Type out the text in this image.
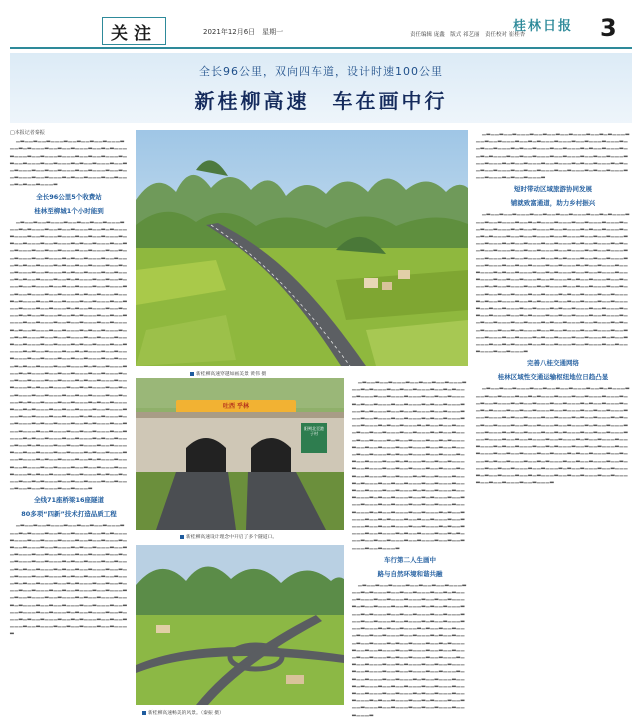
关注	2021年12月6日　星期一	责任编辑 庞鑫　版式 祁艺丽　责任校对 崔桂杏
桂林日报 3
全长96公里，双向四车道，设计时速100公里
新桂柳高速　车在画中行

□本报记者秦振

▁▂▁▁▂▁▁▂▁▁▁▂▁▁▂▁▁▂▁▁▂▁▁▁▂▁▁▂▁▂▁▁▁▂▁▁▂▁▁▂▁▁▁▂▁▁▂▁▂▁▁▁▂▁▁▁▂▁▁▂▁▁▁▂▁▁▁▂▁▁▂▁▁▂▁▁▁▂▁▂▁▁▂▁▁▁▂▁▁▂▁▁▁▂▁▂▁▁▂▁▁▁▂▁▁▂▁▂▁▁▁▂▁▁▂▁▁▂▁▁▁▂▁▁▂▁▁▁▂▁▁▂▁▁▂▁▁▁▂▁▁▂▁▁▁▂▁▂▁▁▂▁▁▁▂▁▁▂▁▁▁▂▁▂▁▁▂▁▁▁▂

全长96公里5个收费站
桂林至柳城1个小时能到

▁▂▁▁▂▁▁▂▁▁▁▂▁▁▂▁▁▂▁▁▂▁▁▁▂▁▁▂▁▂▁▁▁▂▁▁▂▁▁▂▁▁▁▂▁▁▂▁▂▁▁▁▂▁▁▁▂▁▁▂▁▁▁▂▁▁▁▂▁▁▂▁▁▂▁▁▁▂▁▂▁▁▂▁▁▁▂▁▁▂▁▁▁▂▁▂▁▁▂▁▁▁▂▁▁▂▁▂▁▁▁▂▁▁▂▁▁▂▁▁▁▂▁▁▂▁▁▁▂▁▁▂▁▁▂▁▁▁▂▁▁▂▁▁▁▂▁▂▁▁▂▁▁▁▂▁▁▂▁▁▁▂▁▂▁▁▂▁▁▁▂▁▂▁▁▂▁▁▂▁▁▁▂▁▁▂▁▁▂▁▁▁▂▁▁▂▁▁▁▂▁▂▁▁▂▁▁▁▂▁▁▂▁▁▁▂▁▂▁▁▂▁▁▁▂▁▁▂▁▂▁▁▁▂▁▁▂▁▁▂▁▁▁▂▁▁▂▁▁▁▂▁▁▂▁▁▂▁▁▁▂▁▁▂▁▁▁▂▁▂▁▁▂▁▁▁▂▁▁▂▁▁▁▂▁▂▁▁▂▁▁▁▂▁▁▂▁▂▁▁▁▂▁▁▂▁▁▂▁▁▁▂▁▁▂▁▁▁▂▁▁▂▁▁▂▁▁▁▂▁▁▂▁▁▁▂▁▂▁▁▂▁▁▁▂▁▁▂▁▁▁▂▁▂▁▁▂▁▁▁▂▁▁▂▁▂▁▁▁▂▁▁▂▁▁▂▁▁▁▂▁▁▂▁▁▁▂▁▁▂▁▁▂▁▁▁▂▁▁▂▁▁▁▂▁▂▁▁▂▁▁▁▂▁▁▂▁▁▁▂▁▂▁▁▂▁▁▁▂▁▁▂▁▂▁▁▁▂▁▁▂▁▁▂▁▁▁▂▁▁▂▁▁▁▂▁▁▂▁▁▂▁▁▁▂▁▁▂▁▁▁▂▁▂▁▁▂▁▁▁▂▁▁▂▁▁▁▂▁▂▁▁▂▁▁▁▂▁▁▂▁▂▁▁▁▂▁▁▂▁▁▂▁▁▁▂▁▁▂▁▁▁▂▁▁▂▁▁▂▁▁▁▂▁▁▂▁▁▁▂▁▂▁▁▂▁▁▁▂▁▁▂▁▁▁▂▁▂▁▁▂▁▁▁▂▁▁▂▁▂▁▁▁▂▁▁▂▁▁▂▁▁▁▂▁▁▂▁▁▁▂▁▁▂▁▁▂▁▁▁▂▁▁▂▁▁▁▂▁▂▁▁▂▁▁▁▂▁▁▂▁▁▁▂▁▂▁▁▂▁▁▁▂▁▁▂▁▂▁▁▁▂▁▁▂▁▁▂▁▁▁▂▁▁▂▁▁▁▂▁▁▂▁▁▂▁▁▁▂▁▁▂▁▁▁▂▁▂▁▁▂▁▁▁▂▁▁▂▁▁▁▂▁▂▁▁▂▁▁▁▂▁▁▂▁▂▁▁▁▂▁▁▂▁▁▂▁▁▁▂▁▁▂▁▁▁▂▁▁▂▁▁▂▁▁▁▂▁▁▂▁▁▁▂▁▂▁▁▂▁▁▁▂▁▁▂▁▁▁▂▁▂▁▁▂▁▁▁▂▁▁▂▁▂▁▁▁▂▁▁▂▁▁▂▁▁▁▂▁▁▂▁▁▁▂▁▁▂▁▁▂▁▁▁▂▁▁▂▁▁▁▂▁▂▁▁▂▁▁▁▂▁▁▂▁▁▁▂▁▂▁▁▂▁▁▁▂▁▁▂▁▂▁▁▁▂▁▁▂▁▁▂▁▁▁▂▁▁▂▁▁▁▂▁▁▂▁▁▂▁▁▁▂▁▁▂▁▁▁▂▁▂▁▁▂▁▁▁▂▁▁▂▁▁▁▂▁▂▁▁▂▁▁▁▂▁▁▂▁▂▁▁▁▂▁▁▂▁▁▂▁▁▁▂▁▁▂▁▁▁▂▁▁▂▁▁▂▁▁▁▂▁▁▂▁▁▁▂▁▂▁▁▂▁▁▁▂▁▁▂▁▁▁▂▁▂▁▁▂▁▁▁▂▁▁▂▁▂▁▁▁▂▁▁▂▁▁▂▁▁▁▂▁▁▂▁▁▁▂▁▁▂▁▁▂▁▁▁▂▁▁▂▁▁▁▂

全线71座桥梁16座隧道
80多项“四新”技术打造品质工程

▁▂▁▁▂▁▁▂▁▁▁▂▁▁▂▁▁▂▁▁▂▁▁▁▂▁▁▂▁▂▁▁▁▂▁▁▂▁▁▂▁▁▁▂▁▁▂▁▂▁▁▁▂▁▁▁▂▁▁▂▁▁▁▂▁▁▁▂▁▁▂▁▁▂▁▁▁▂▁▂▁▁▂▁▁▁▂▁▁▂▁▁▁▂▁▂▁▁▂▁▁▁▂▁▁▂▁▂▁▁▁▂▁▁▂▁▁▂▁▁▁▂▁▁▂▁▁▁▂▁▁▂▁▁▂▁▁▁▂▁▁▂▁▁▁▂▁▂▁▁▂▁▁▁▂▁▁▂▁▁▁▂▁▂▁▁▂▁▁▁▂▁▂▁▁▂▁▁▂▁▁▁▂▁▁▂▁▁▂▁▁▁▂▁▁▂▁▁▁▂▁▂▁▁▂▁▁▁▂▁▁▂▁▁▁▂▁▂▁▁▂▁▁▁▂▁▁▂▁▂▁▁▁▂▁▁▂▁▁▂▁▁▁▂▁▁▂▁▁▁▂▁▁▂▁▁▂▁▁▁▂▁▁▂▁▁▁▂▁▂▁▁▂▁▁▁▂▁▁▂▁▁▁▂▁▂▁▁▂▁▁▁▂▁▁▂▁▂▁▁▁▂▁▁▂▁▁▂▁▁▁▂▁▁▂▁▁▁▂▁▁▂▁▁▂▁▁▁▂▁▁▂▁▁▁▂▁▂▁▁▂▁▁▁▂▁▁▂▁▁▁▂▁▂▁▁▂▁▁▁▂▁▁▂▁▂▁▁▁▂▁▁▂▁▁▂▁▁▁▂▁▁▂▁▁▁▂▁▁▂▁▁▂▁▁▁▂▁▁▂▁▁▁▂

新桂柳高速穿越如画美景 黄伟 摄
吐西 乎林
阳朔北至港子村
新桂柳高速设计理念中开启了多个隧道口。
新桂柳高速畅美的风景。（秦振 摄）

▁▂▁▁▂▁▁▂▁▁▁▂▁▁▂▁▁▂▁▁▂▁▁▁▂▁▁▂▁▂▁▁▁▂▁▁▂▁▁▂▁▁▁▂▁▁▂▁▂▁▁▁▂▁▁▁▂▁▁▂▁▁▁▂▁▁▁▂▁▁▂▁▁▂▁▁▁▂▁▂▁▁▂▁▁▁▂▁▁▂▁▁▁▂▁▂▁▁▂▁▁▁▂▁▁▂▁▂▁▁▁▂▁▁▂▁▁▂▁▁▁▂▁▁▂▁▁▁▂▁▁▂▁▁▂▁▁▁▂▁▁▂▁▁▁▂▁▂▁▁▂▁▁▁▂▁▁▂▁▁▁▂▁▂▁▁▂▁▁▁▂▁▂▁▁▂▁▁▂▁▁▁▂▁▁▂▁▁▂▁▁▁▂▁▁▂▁▁▁▂▁▂▁▁▂▁▁▁▂▁▁▂▁▁▁▂▁▂▁▁▂▁▁▁▂▁▁▂▁▂▁▁▁▂▁▁▂▁▁▂▁▁▁▂▁▁▂▁▁▁▂▁▁▂▁▁▂▁▁▁▂▁▁▂▁▁▁▂▁▂▁▁▂▁▁▁▂▁▁▂▁▁▁▂▁▂▁▁▂▁▁▁▂▁▁▂▁▂▁▁▁▂▁▁▂▁▁▂▁▁▁▂▁▁▂▁▁▁▂▁▁▂▁▁▂▁▁▁▂▁▁▂▁▁▁▂▁▂▁▁▂▁▁▁▂▁▁▂▁▁▁▂▁▂▁▁▂▁▁▁▂▁▁▂▁▂▁▁▁▂▁▁▂▁▁▂▁▁▁▂▁▁▂▁▁▁▂▁▁▂▁▁▂▁▁▁▂▁▁▂▁▁▁▂▁▂▁▁▂▁▁▁▂▁▁▂▁▁▁▂▁▂▁▁▂▁▁▁▂▁▁▂▁▂▁▁▁▂▁▁▂▁▁▂▁▁▁▂▁▁▂▁▁▁▂▁▁▂▁▁▂▁▁▁▂▁▁▂▁▁▁▂▁▂▁▁▂▁▁▁▂▁▁▂▁▁▁▂▁▂▁▁▂▁▁▁▂▁▁▂▁▂▁▁▁▂▁▁▂▁▁▂▁▁▁▂▁▁▂▁▁▁▂▁▁▂▁▁▂▁▁▁▂▁▁▂▁▁▁▂▁▂▁▁▂▁▁▁▂▁▁▂▁▁▁▂▁▂▁▁▂▁▁▁▂▁▁▂▁▂▁▁▁▂▁▁▂▁▁▂▁▁▁▂▁▁▂▁▁▁▂▁▁▂▁▁▂▁▁▁▂▁▁▂▁▁▁▂

车行第二人生画中
路与自然环境和谐共融

▁▂▁▁▂▁▁▂▁▁▁▂▁▁▂▁▁▂▁▁▂▁▁▁▂▁▁▂▁▂▁▁▁▂▁▁▂▁▁▂▁▁▁▂▁▁▂▁▂▁▁▁▂▁▁▁▂▁▁▂▁▁▁▂▁▁▁▂▁▁▂▁▁▂▁▁▁▂▁▂▁▁▂▁▁▁▂▁▁▂▁▁▁▂▁▂▁▁▂▁▁▁▂▁▁▂▁▂▁▁▁▂▁▁▂▁▁▂▁▁▁▂▁▁▂▁▁▁▂▁▁▂▁▁▂▁▁▁▂▁▁▂▁▁▁▂▁▂▁▁▂▁▁▁▂▁▁▂▁▁▁▂▁▂▁▁▂▁▁▁▂▁▂▁▁▂▁▁▂▁▁▁▂▁▁▂▁▁▂▁▁▁▂▁▁▂▁▁▁▂▁▂▁▁▂▁▁▁▂▁▁▂▁▁▁▂▁▂▁▁▂▁▁▁▂▁▁▂▁▂▁▁▁▂▁▁▂▁▁▂▁▁▁▂▁▁▂▁▁▁▂▁▁▂▁▁▂▁▁▁▂▁▁▂▁▁▁▂▁▂▁▁▂▁▁▁▂▁▁▂▁▁▁▂▁▂▁▁▂▁▁▁▂▁▁▂▁▂▁▁▁▂▁▁▂▁▁▂▁▁▁▂▁▁▂▁▁▁▂▁▁▂▁▁▂▁▁▁▂▁▁▂▁▁▁▂▁▂▁▁▂▁▁▁▂▁▁▂▁▁▁▂▁▂▁▁▂▁▁▁▂▁▁▂▁▂▁▁▁▂▁▁▂▁▁▂▁▁▁▂▁▁▂▁▁▁▂▁▁▂▁▁▂▁▁▁▂▁▁▂▁▁▁▂▁▂▁▁▂▁▁▁▂▁▁▂▁▁▁▂▁▂▁▁▂▁▁▁▂▁▁▂▁▂▁▁▁▂▁▁▂▁▁▂▁▁▁▂▁▁▂▁▁▁▂▁▁▂▁▁▂▁▁▁▂▁▁▂▁▁▁▂

▁▂▁▁▂▁▁▂▁▁▁▂▁▁▂▁▁▂▁▁▂▁▁▁▂▁▁▂▁▂▁▁▁▂▁▁▂▁▁▂▁▁▁▂▁▁▂▁▂▁▁▁▂▁▁▁▂▁▁▂▁▁▁▂▁▁▁▂▁▁▂▁▁▂▁▁▁▂▁▂▁▁▂▁▁▁▂▁▁▂▁▁▁▂▁▂▁▁▂▁▁▁▂▁▁▂▁▂▁▁▁▂▁▁▂▁▁▂▁▁▁▂▁▁▂▁▁▁▂▁▁▂▁▁▂▁▁▁▂▁▁▂▁▁▁▂▁▂▁▁▂▁▁▁▂▁▁▂▁▁▁▂▁▂▁▁▂▁▁▁▂▁▂▁▁▂▁▁▂▁▁▁▂▁▁▂▁▁▂▁▁▁▂▁▁▂▁▁▁▂▁▂▁▁▂▁▁▁▂▁▁▂▁▁▁▂▁▂▁▁▂▁▁▁▂

短时带动区域旅游协同发展
铺就致富通道，助力乡村振兴

▁▂▁▁▂▁▁▂▁▁▁▂▁▁▂▁▁▂▁▁▂▁▁▁▂▁▁▂▁▂▁▁▁▂▁▁▂▁▁▂▁▁▁▂▁▁▂▁▂▁▁▁▂▁▁▁▂▁▁▂▁▁▁▂▁▁▁▂▁▁▂▁▁▂▁▁▁▂▁▂▁▁▂▁▁▁▂▁▁▂▁▁▁▂▁▂▁▁▂▁▁▁▂▁▁▂▁▂▁▁▁▂▁▁▂▁▁▂▁▁▁▂▁▁▂▁▁▁▂▁▁▂▁▁▂▁▁▁▂▁▁▂▁▁▁▂▁▂▁▁▂▁▁▁▂▁▁▂▁▁▁▂▁▂▁▁▂▁▁▁▂▁▂▁▁▂▁▁▂▁▁▁▂▁▁▂▁▁▂▁▁▁▂▁▁▂▁▁▁▂▁▂▁▁▂▁▁▁▂▁▁▂▁▁▁▂▁▂▁▁▂▁▁▁▂▁▁▂▁▂▁▁▁▂▁▁▂▁▁▂▁▁▁▂▁▁▂▁▁▁▂▁▁▂▁▁▂▁▁▁▂▁▁▂▁▁▁▂▁▂▁▁▂▁▁▁▂▁▁▂▁▁▁▂▁▂▁▁▂▁▁▁▂▁▁▂▁▂▁▁▁▂▁▁▂▁▁▂▁▁▁▂▁▁▂▁▁▁▂▁▁▂▁▁▂▁▁▁▂▁▁▂▁▁▁▂▁▂▁▁▂▁▁▁▂▁▁▂▁▁▁▂▁▂▁▁▂▁▁▁▂▁▁▂▁▂▁▁▁▂▁▁▂▁▁▂▁▁▁▂▁▁▂▁▁▁▂▁▁▂▁▁▂▁▁▁▂▁▁▂▁▁▁▂▁▂▁▁▂▁▁▁▂▁▁▂▁▁▁▂▁▂▁▁▂▁▁▁▂▁▁▂▁▂▁▁▁▂▁▁▂▁▁▂▁▁▁▂▁▁▂▁▁▁▂▁▁▂▁▁▂▁▁▁▂▁▁▂▁▁▁▂▁▂▁▁▂▁▁▁▂▁▁▂▁▁▁▂▁▂▁▁▂▁▁▁▂▁▁▂▁▂▁▁▁▂▁▁▂▁▁▂▁▁▁▂▁▁▂▁▁▁▂▁▁▂▁▁▂▁▁▁▂▁▁▂▁▁▁▂▁▂▁▁▂▁▁▁▂▁▁▂▁▁▁▂▁▂▁▁▂▁▁▁▂▁▁▂▁▂▁▁▁▂▁▁▂▁▁▂▁▁▁▂▁▁▂▁▁▁▂▁▁▂▁▁▂▁▁▁▂▁▁▂▁▁▁▂▁▂▁▁▂▁▁▁▂▁▁▂▁▁▁▂▁▂▁▁▂▁▁▁▂▁▁▂▁▂▁▁▁▂▁▁▂▁▁▂▁▁▁▂▁▁▂▁▁▁▂▁▁▂▁▁▂▁▁▁▂▁▁▂▁▁▁▂

完善八桂交通网络
桂林区域性交通运输枢纽地位日趋凸显

▁▂▁▁▂▁▁▂▁▁▁▂▁▁▂▁▁▂▁▁▂▁▁▁▂▁▁▂▁▂▁▁▁▂▁▁▂▁▁▂▁▁▁▂▁▁▂▁▂▁▁▁▂▁▁▁▂▁▁▂▁▁▁▂▁▁▁▂▁▁▂▁▁▂▁▁▁▂▁▂▁▁▂▁▁▁▂▁▁▂▁▁▁▂▁▂▁▁▂▁▁▁▂▁▁▂▁▂▁▁▁▂▁▁▂▁▁▂▁▁▁▂▁▁▂▁▁▁▂▁▁▂▁▁▂▁▁▁▂▁▁▂▁▁▁▂▁▂▁▁▂▁▁▁▂▁▁▂▁▁▁▂▁▂▁▁▂▁▁▁▂▁▂▁▁▂▁▁▂▁▁▁▂▁▁▂▁▁▂▁▁▁▂▁▁▂▁▁▁▂▁▂▁▁▂▁▁▁▂▁▁▂▁▁▁▂▁▂▁▁▂▁▁▁▂▁▁▂▁▂▁▁▁▂▁▁▂▁▁▂▁▁▁▂▁▁▂▁▁▁▂▁▁▂▁▁▂▁▁▁▂▁▁▂▁▁▁▂▁▂▁▁▂▁▁▁▂▁▁▂▁▁▁▂▁▂▁▁▂▁▁▁▂▁▁▂▁▂▁▁▁▂▁▁▂▁▁▂▁▁▁▂▁▁▂▁▁▁▂▁▁▂▁▁▂▁▁▁▂▁▁▂▁▁▁▂▁▂▁▁▂▁▁▁▂▁▁▂▁▁▁▂▁▂▁▁▂▁▁▁▂▁▁▂▁▂▁▁▁▂▁▁▂▁▁▂▁▁▁▂▁▁▂▁▁▁▂▁▁▂▁▁▂▁▁▁▂▁▁▂▁▁▁▂▁▂▁▁▂▁▁▁▂▁▁▂▁▁▁▂▁▂▁▁▂▁▁▁▂▁▁▂▁▂▁▁▁▂▁▁▂▁▁▂▁▁▁▂▁▁▂▁▁▁▂▁▁▂▁▁▂▁▁▁▂▁▁▂▁▁▁▂
